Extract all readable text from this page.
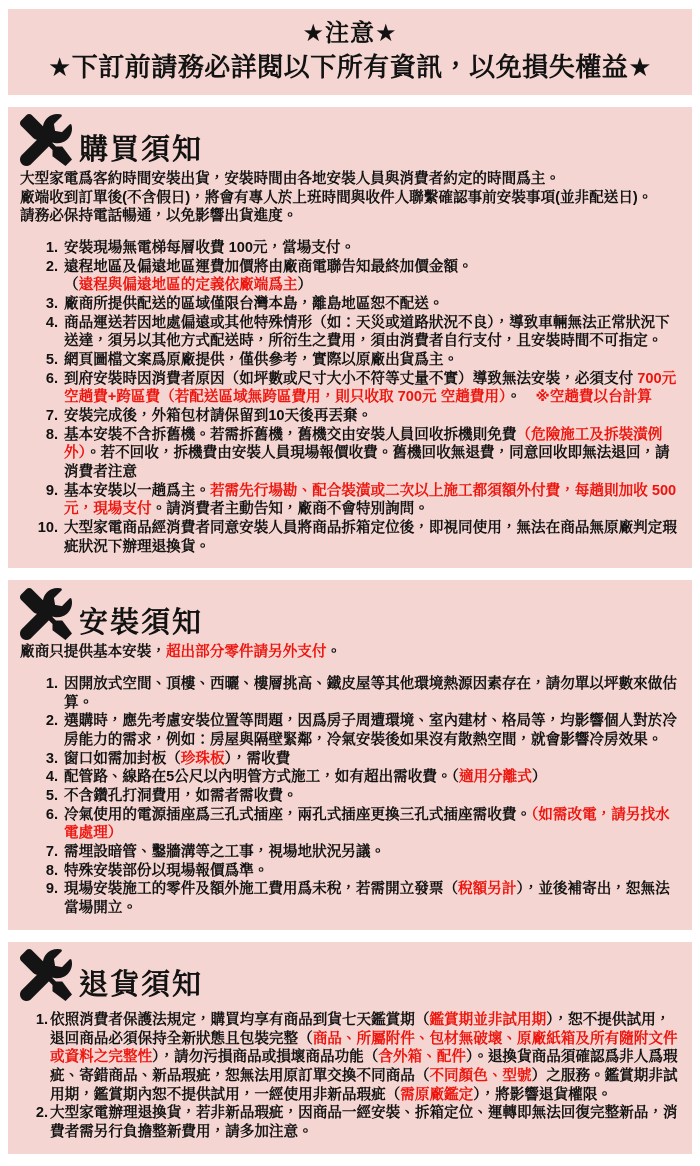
★注意★
★下訂前請務必詳閱以下所有資訊，以免損失權益★
購買須知
大型家電爲客約時間安裝出貨，安裝時間由各地安裝人員與消費者約定的時間爲主。
廠端收到訂單後(不含假日)，將會有專人於上班時間與收件人聯繫確認事前安裝事項(並非配送日)。
請務必保持電話暢通，以免影響出貨進度。
安裝現場無電梯每層收費 100元，當場支付。
遠程地區及偏遠地區運費加價將由廠商電聯告知最終加價金額。
（遠程與偏遠地區的定義依廠端爲主）
廠商所提供配送的區域僅限台灣本島，離島地區恕不配送。
商品運送若因地處偏遠或其他特殊情形（如：天災或道路狀況不良），導致車輛無法正常狀況下送達，須另以其他方式配送時，所衍生之費用，須由消費者自行支付，且安裝時間不可指定。
網頁圖檔文案爲原廠提供，僅供參考，實際以原廠出貨爲主。
到府安裝時因消費者原因（如坪數或尺寸大小不符等丈量不實）導致無法安裝，必須支付 700元空趟費+跨區費（若配送區域無跨區費用，則只收取 700元 空趟費用）。　※空趟費以台計算
安裝完成後，外箱包材請保留到10天後再丟棄。
基本安裝不含拆舊機。若需拆舊機，舊機交由安裝人員回收拆機則免費（危險施工及拆裝潢例外）。若不回收，拆機費由安裝人員現場報價收費。舊機回收無退費，同意回收即無法退回，請消費者注意
基本安裝以一趟爲主。若需先行場勘、配合裝潢或二次以上施工都須額外付費，每趟則加收 500元，現場支付。請消費者主動告知，廠商不會特別詢問。
大型家電商品經消費者同意安裝人員將商品拆箱定位後，即視同使用，無法在商品無原廠判定瑕疵狀況下辦理退換貨。
安裝須知
廠商只提供基本安裝，超出部分零件請另外支付。
因開放式空間、頂樓、西曬、樓層挑高、鐵皮屋等其他環境熱源因素存在，請勿單以坪數來做估算。
選購時，應先考慮安裝位置等問題，因爲房子周遭環境、室內建材、格局等，均影響個人對於冷房能力的需求，例如：房屋與隔壁緊鄰，冷氣安裝後如果沒有散熱空間，就會影響冷房效果。
窗口如需加封板（珍珠板），需收費
配管路、線路在5公尺以內明管方式施工，如有超出需收費。（適用分離式）
不含鑽孔打洞費用，如需者需收費。
冷氣使用的電源插座爲三孔式插座，兩孔式插座更換三孔式插座需收費。（如需改電，請另找水電處理）
需埋設暗管、鑿牆溝等之工事，視場地狀況另議。
特殊安裝部份以現場報價爲準。
現場安裝施工的零件及額外施工費用爲未稅，若需開立發票（稅額另計），並後補寄出，恕無法當場開立。
退貨須知
依照消費者保護法規定，購買均享有商品到貨七天鑑賞期（鑑賞期並非試用期），恕不提供試用，退回商品必須保持全新狀態且包裝完整（商品、所屬附件、包材無破壞、原廠紙箱及所有隨附文件或資料之完整性），請勿污損商品或損壞商品功能（含外箱、配件）。退換貨商品須確認爲非人爲瑕疵、寄錯商品、新品瑕疵，恕無法用原訂單交換不同商品（不同顏色、型號）之服務。鑑賞期非試用期，鑑賞期內恕不提供試用，一經使用非新品瑕疵（需原廠鑑定），將影響退貨權限。
大型家電辦理退換貨，若非新品瑕疵，因商品一經安裝、拆箱定位、運轉即無法回復完整新品，消費者需另行負擔整新費用，請多加注意。
